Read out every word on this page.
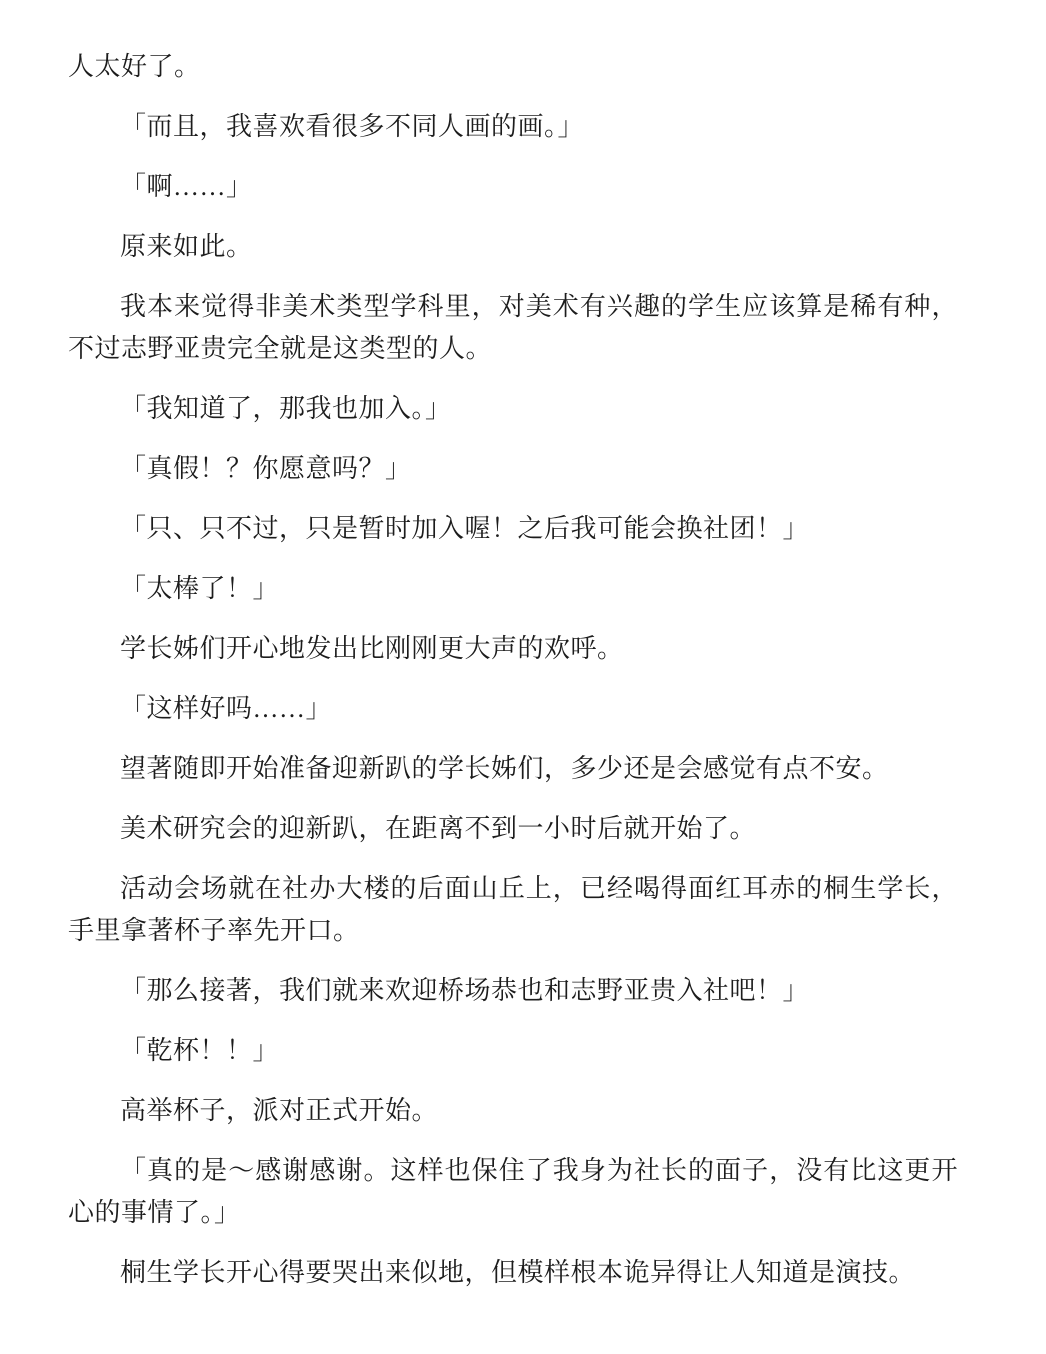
人太好了。

「而且，我喜欢看很多不同人画的画。」

「啊……」

原来如此。

我本来觉得非美术类型学科里，对美术有兴趣的学生应该算是稀有种，不过志野亚贵完全就是这类型的人。

「我知道了，那我也加入。」

「真假！？你愿意吗？」

「只、只不过，只是暂时加入喔！之后我可能会换社团！」

「太棒了！」

学长姊们开心地发出比刚刚更大声的欢呼。

「这样好吗……」

望著随即开始准备迎新趴的学长姊们，多少还是会感觉有点不安。

美术研究会的迎新趴，在距离不到一小时后就开始了。

活动会场就在社办大楼的后面山丘上，已经喝得面红耳赤的桐生学长，手里拿著杯子率先开口。

「那么接著，我们就来欢迎桥场恭也和志野亚贵入社吧！」

「乾杯！！」

高举杯子，派对正式开始。

「真的是～感谢感谢。这样也保住了我身为社长的面子，没有比这更开心的事情了。」

桐生学长开心得要哭出来似地，但模样根本诡异得让人知道是演技。
